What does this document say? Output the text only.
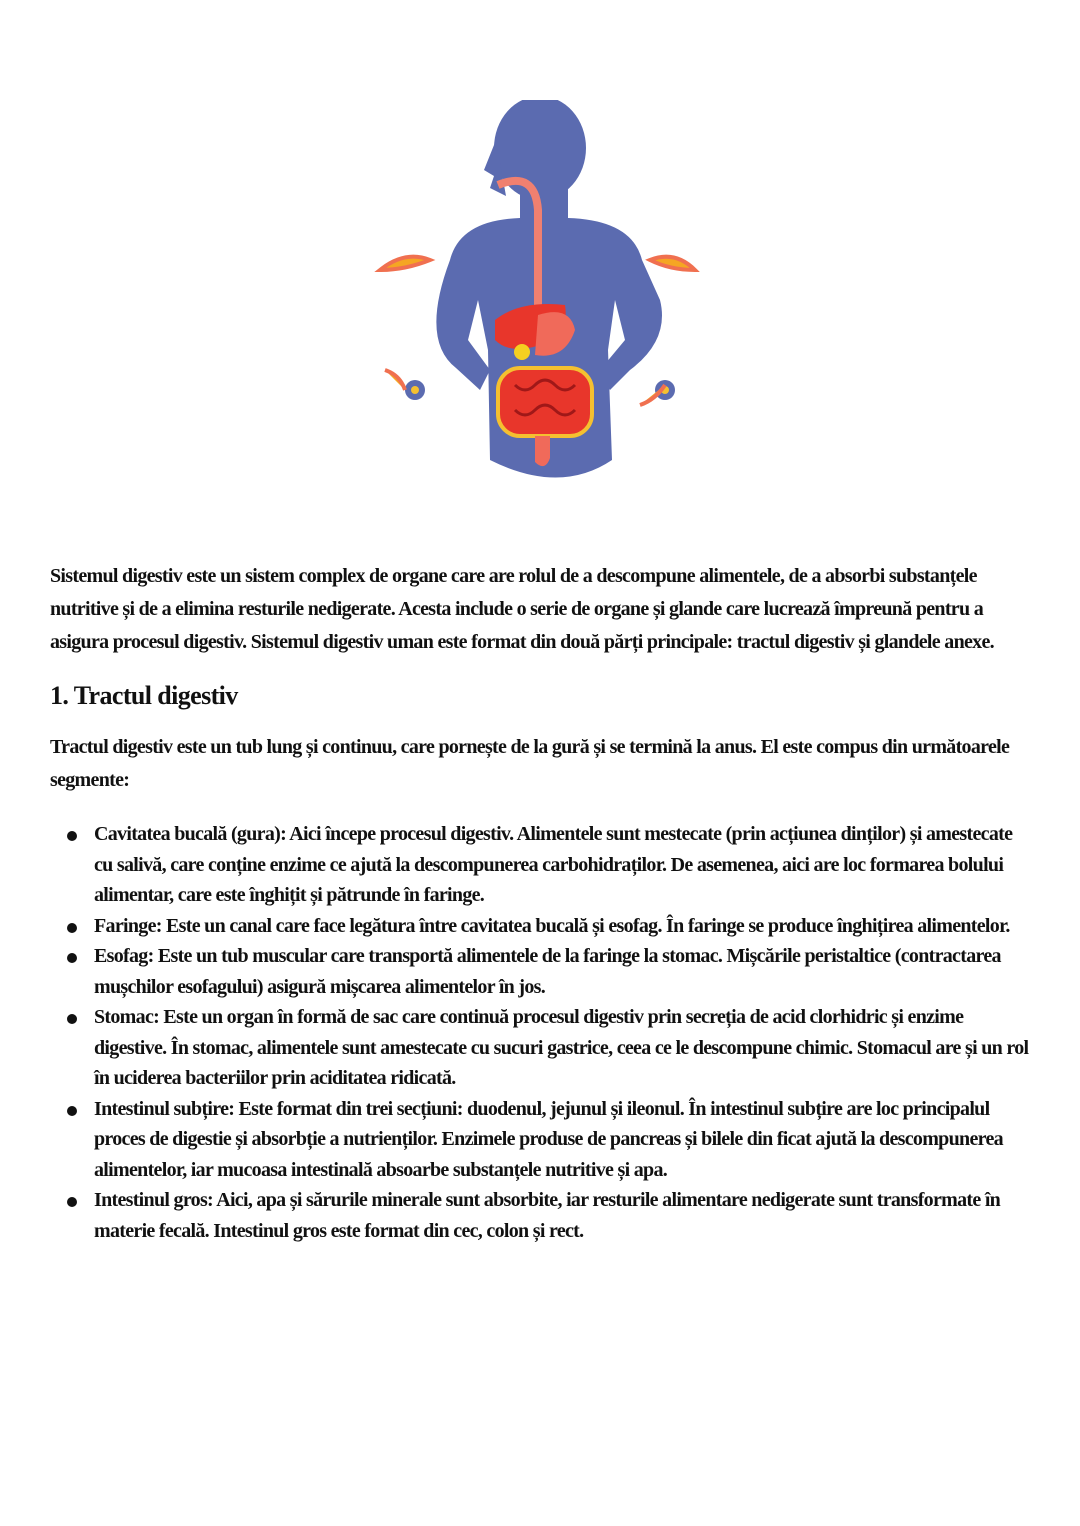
Sistemul digestiv este un sistem complex de organe care are rolul de a descompune alimentele, de a absorbi substanțele nutritive și de a elimina resturile nedigerate. Acesta include o serie de organe și glande care lucrează împreună pentru a asigura procesul digestiv. Sistemul digestiv uman este format din două părți principale: tractul digestiv și glandele anexe.

1. Tractul digestiv

Tractul digestiv este un tub lung și continuu, care pornește de la gură și se termină la anus. El este compus din următoarele segmente:

Cavitatea bucală (gura): Aici începe procesul digestiv. Alimentele sunt mestecate (prin acțiunea dinților) și amestecate cu salivă, care conține enzime ce ajută la descompunerea carbohidraților. De asemenea, aici are loc formarea bolului alimentar, care este înghițit și pătrunde în faringe.
Faringe: Este un canal care face legătura între cavitatea bucală și esofag. În faringe se produce înghițirea alimentelor.
Esofag: Este un tub muscular care transportă alimentele de la faringe la stomac. Mișcările peristaltice (contractarea mușchilor esofagului) asigură mișcarea alimentelor în jos.
Stomac: Este un organ în formă de sac care continuă procesul digestiv prin secreția de acid clorhidric și enzime digestive. În stomac, alimentele sunt amestecate cu sucuri gastrice, ceea ce le descompune chimic. Stomacul are și un rol în uciderea bacteriilor prin aciditatea ridicată.
Intestinul subțire: Este format din trei secțiuni: duodenul, jejunul și ileonul. În intestinul subțire are loc principalul proces de digestie și absorbție a nutrienților. Enzimele produse de pancreas și bilele din ficat ajută la descompunerea alimentelor, iar mucoasa intestinală absoarbe substanțele nutritive și apa.
Intestinul gros: Aici, apa și sărurile minerale sunt absorbite, iar resturile alimentare nedigerate sunt transformate în materie fecală. Intestinul gros este format din cec, colon și rect.
